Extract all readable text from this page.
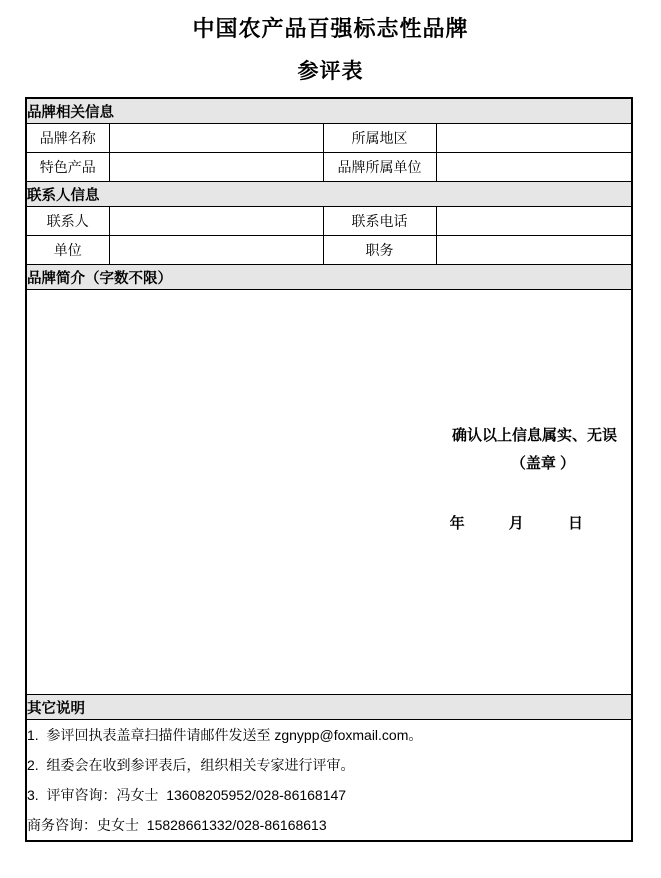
中国农产品百强标志性品牌
参评表
品牌相关信息			
品牌名称		所属地区	
特色产品		品牌所属单位	
联系人信息			
联系人		联系电话	
单位		职务	
品牌简介（字数不限）			

确认以上信息属实、无误
（盖章 ）
年 月 日			

其它说明			

1.  参评回执表盖章扫描件请邮件发送至 zgnypp@foxmail.com。
2.  组委会在收到参评表后，组织相关专家进行评审。
3.  评审咨询：冯女士  13608205952/028-86168147
商务咨询：史女士  15828661332/028-86168613			
